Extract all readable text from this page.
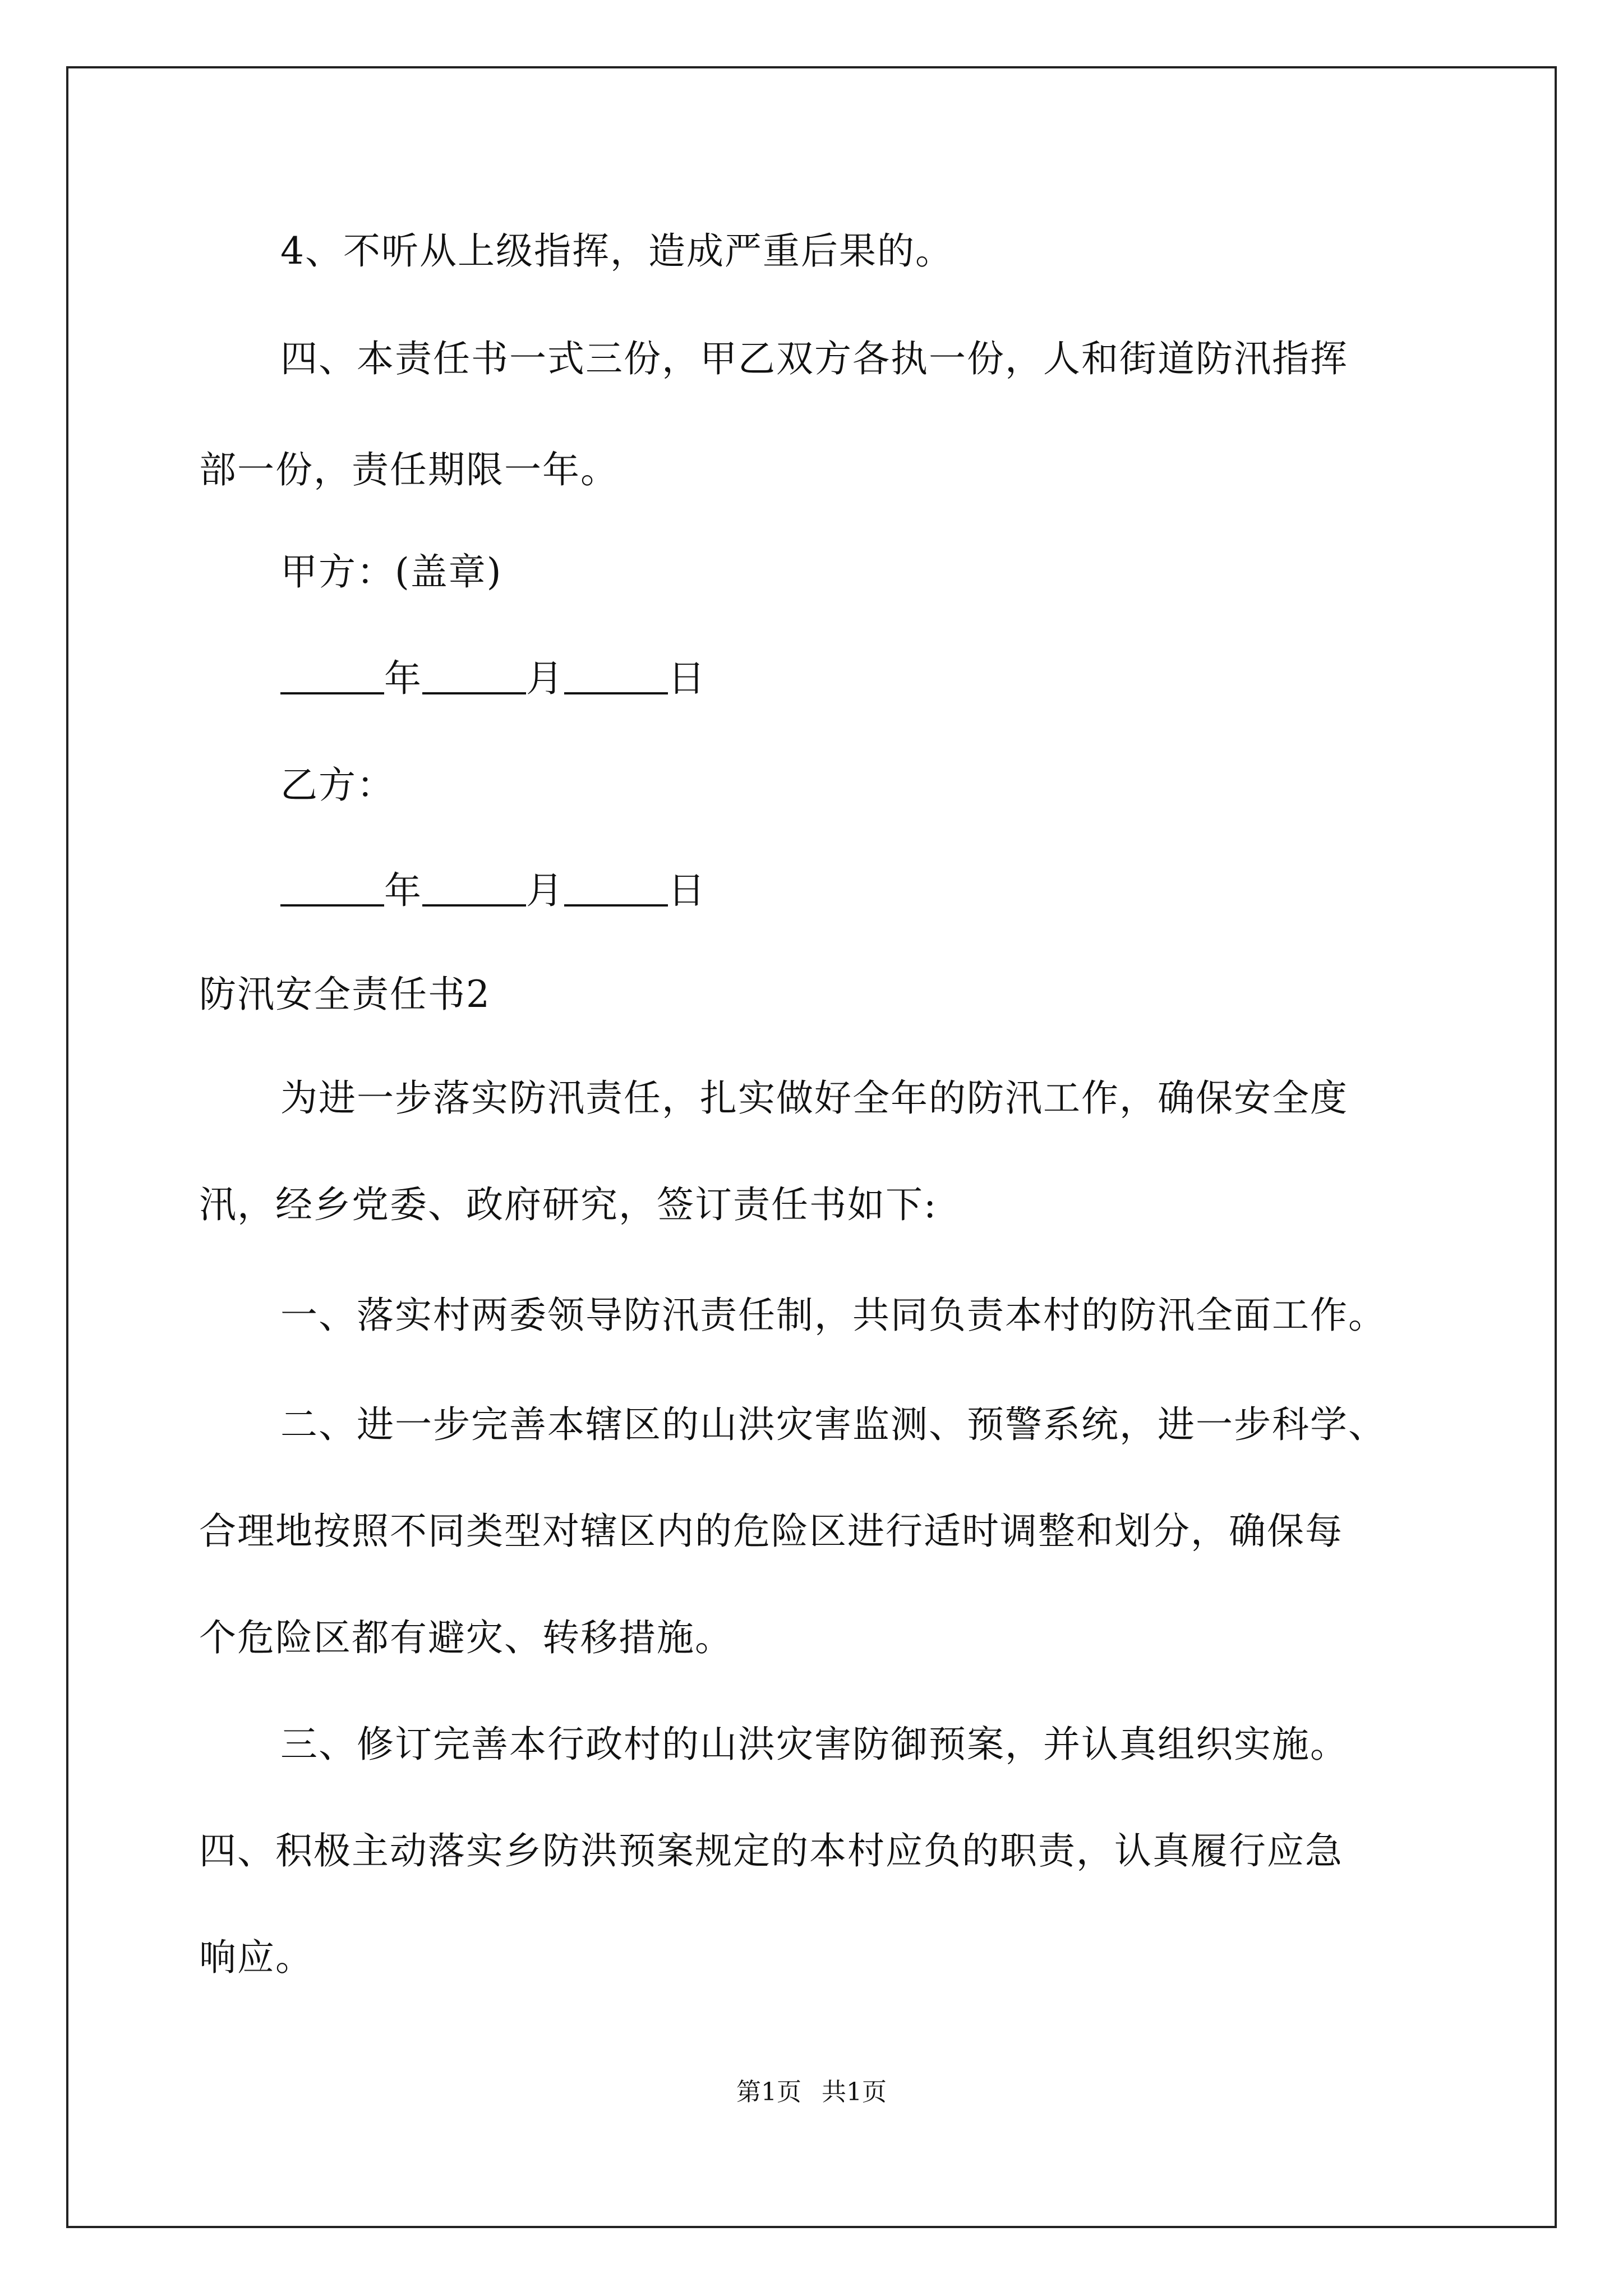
4、不听从上级指挥，造成严重后果的。
四、本责任书一式三份，甲乙双方各执一份，人和街道防汛指挥
部一份，责任期限一年。
甲方：(盖章)
年	月	日
乙方：
年	月	日
防汛安全责任书2
为进一步落实防汛责任，扎实做好全年的防汛工作，确保安全度
汛，经乡党委、政府研究，签订责任书如下:
一、落实村两委领导防汛责任制，共同负责本村的防汛全面工作。
二、进一步完善本辖区的山洪灾害监测、预警系统，进一步科学、
合理地按照不同类型对辖区内的危险区进行适时调整和划分，确保每
个危险区都有避灾、转移措施。
三、修订完善本行政村的山洪灾害防御预案，并认真组织实施。
四、积极主动落实乡防洪预案规定的本村应负的职责，认真履行应急
响应。
第1页 共1页
